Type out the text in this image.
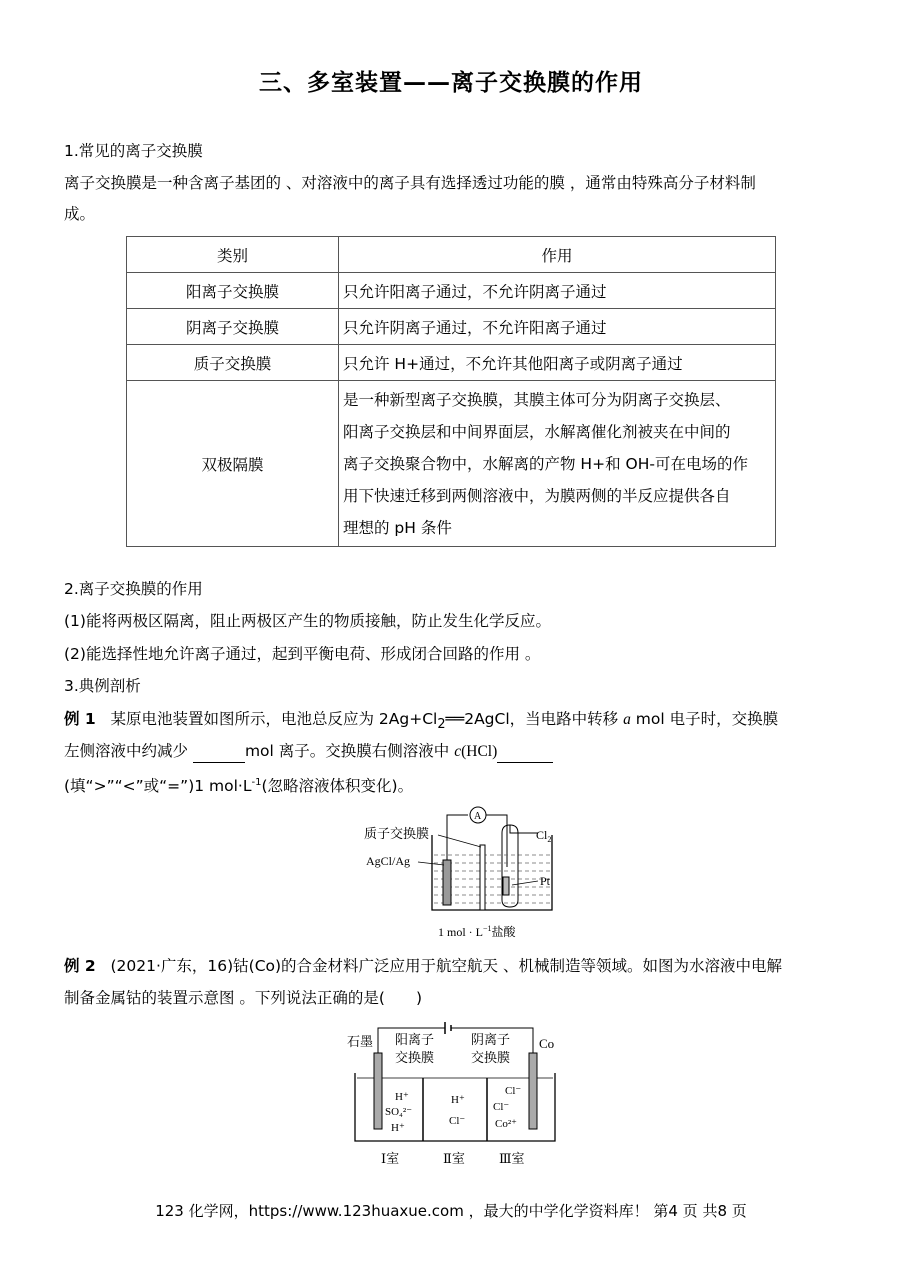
三、多室装置——离子交换膜的作用
1.常见的离子交换膜
离子交换膜是一种含离子基团的 、对溶液中的离子具有选择透过功能的膜 ，通常由特殊高分子材料制
成。
类别	作用
阳离子交换膜	只允许阳离子通过，不允许阴离子通过
阴离子交换膜	只允许阴离子通过，不允许阳离子通过
质子交换膜	只允许 H+通过，不允许其他阳离子或阴离子通过
双极隔膜	是一种新型离子交换膜，其膜主体可分为阴离子交换层、
阳离子交换层和中间界面层，水解离催化剂被夹在中间的
离子交换聚合物中，水解离的产物 H+和 OH-可在电场的作
用下快速迁移到两侧溶液中，为膜两侧的半反应提供各自
理想的 pH 条件
2.离子交换膜的作用
(1)能将两极区隔离，阻止两极区产生的物质接触，防止发生化学反应。
(2)能选择性地允许离子通过，起到平衡电荷、形成闭合回路的作用 。
3.典例剖析
例 1 某原电池装置如图所示，电池总反应为 $2Ag+Cl_2══2AgCl$，当电路中转移 a mol 电子时，交换膜
左侧溶液中约减少	mol 离子。交换膜右侧溶液中 c(HCl)
(填“>”“<”或“=”)1 $mol\cdot L^{-1}$(忽略溶液体积变化)。
A
质子交换膜
AgCl/Ag
$Cl_2$
Pt
1 mol · $L^{-1}$盐酸
例 2 (2021·广东，16)钴(Co)的合金材料广泛应用于航空航天 、机械制造等领域。如图为水溶液中电解
制备金属钴的装置示意图 。下列说法正确的是(　　)
石墨 阳离子
交换膜
阴离子
交换膜
Co
H⁺
SO₄²⁻
H⁺
H⁺
Cl⁻
Cl⁻
Cl⁻
Co²⁺
Ⅰ室	Ⅱ室	Ⅲ室
123 化学网，https://www.123huaxue.com ，最大的中学化学资料库！ 第4 页 共8 页
